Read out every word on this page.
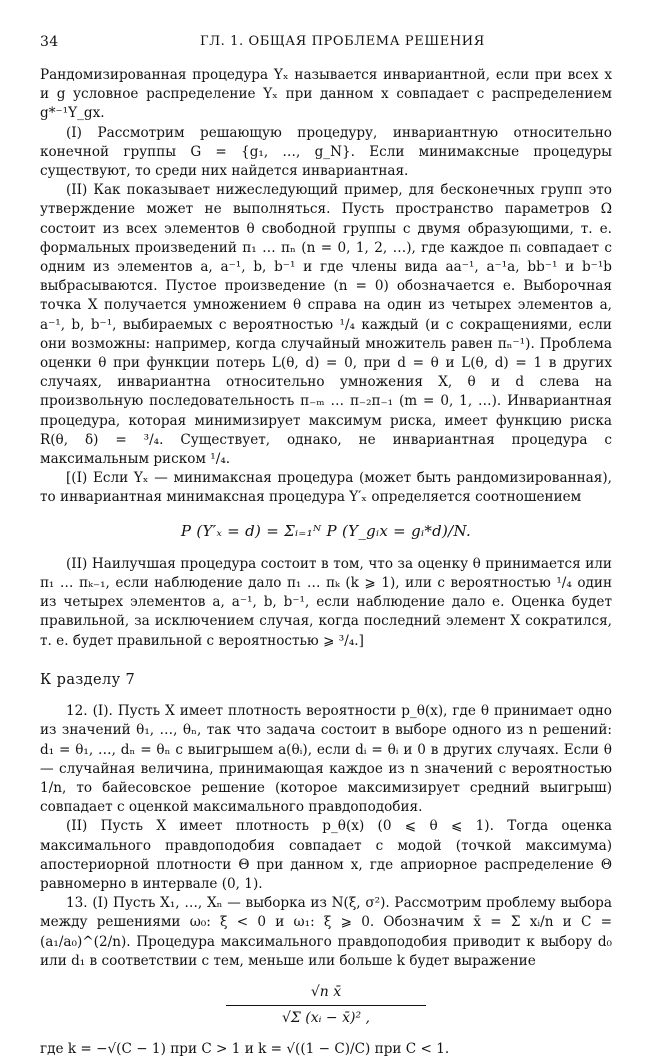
34	ГЛ. 1. ОБЩАЯ ПРОБЛЕМА РЕШЕНИЯ

Рандомизированная процедура Yₓ называется инвариантной, если при всех x и g условное распределение Yₓ при данном x совпадает с распределением g*⁻¹Y_gx.

(I) Рассмотрим решающую процедуру, инвариантную относительно конечной группы G = {g₁, …, g_N}. Если минимаксные процедуры существуют, то среди них найдется инвариантная.

(II) Как показывает нижеследующий пример, для бесконечных групп это утверждение может не выполняться. Пусть пространство параметров Ω состоит из всех элементов θ свободной группы с двумя образующими, т. е. формальных произведений π₁ … πₙ (n = 0, 1, 2, …), где каждое πᵢ совпадает с одним из элементов a, a⁻¹, b, b⁻¹ и где члены вида aa⁻¹, a⁻¹a, bb⁻¹ и b⁻¹b выбрасываются. Пустое произведение (n = 0) обозначается e. Выборочная точка X получается умножением θ справа на один из четырех элементов a, a⁻¹, b, b⁻¹, выбираемых с вероятностью ¹/₄ каждый (и с сокращениями, если они возможны: например, когда случайный множитель равен πₙ⁻¹). Проблема оценки θ при функции потерь L(θ, d) = 0, при d = θ и L(θ, d) = 1 в других случаях, инвариантна относительно умножения X, θ и d слева на произвольную последовательность π₋ₘ … π₋₂π₋₁ (m = 0, 1, …). Инвариантная процедура, которая минимизирует максимум риска, имеет функцию риска R(θ, δ) = ³/₄. Существует, однако, не инвариантная процедура с максимальным риском ¹/₄.

[(I) Если Yₓ — минимаксная процедура (может быть рандомизированная), то инвариантная минимаксная процедура Y′ₓ определяется соотношением

P (Y′ₓ = d) = Σᵢ₌₁ᴺ P (Y_gᵢx = gᵢ*d)/N.

(II) Наилучшая процедура состоит в том, что за оценку θ принимается или π₁ … πₖ₋₁, если наблюдение дало π₁ … πₖ (k ⩾ 1), или с вероятностью ¹/₄ один из четырех элементов a, a⁻¹, b, b⁻¹, если наблюдение дало e. Оценка будет правильной, за исключением случая, когда последний элемент X сократился, т. е. будет правильной с вероятностью ⩾ ³/₄.]

К разделу 7

12. (I). Пусть X имеет плотность вероятности p_θ(x), где θ принимает одно из значений θ₁, …, θₙ, так что задача состоит в выборе одного из n решений: d₁ = θ₁, …, dₙ = θₙ с выигрышем a(θᵢ), если dᵢ = θᵢ и 0 в других случаях. Если θ — случайная величина, принимающая каждое из n значений с вероятностью 1/n, то байесовское решение (которое максимизирует средний выигрыш) совпадает с оценкой максимального правдоподобия.

(II) Пусть X имеет плотность p_θ(x) (0 ⩽ θ ⩽ 1). Тогда оценка максимального правдоподобия совпадает с модой (точкой максимума) апостериорной плотности Θ при данном x, где априорное распределение Θ равномерно в интервале (0, 1).

13. (I) Пусть X₁, …, Xₙ — выборка из N(ξ, σ²). Рассмотрим проблему выбора между решениями ω₀: ξ < 0 и ω₁: ξ ⩾ 0. Обозначим x̄ = Σ xᵢ/n и C = (a₁/a₀)^(2/n). Процедура максимального правдоподобия приводит к выбору d₀ или d₁ в соответствии с тем, меньше или больше k будет выражение

√n x̄
√Σ (xᵢ − x̄)² ,

где k = −√(C − 1) при C > 1 и k = √((1 − C)/C) при C < 1.
